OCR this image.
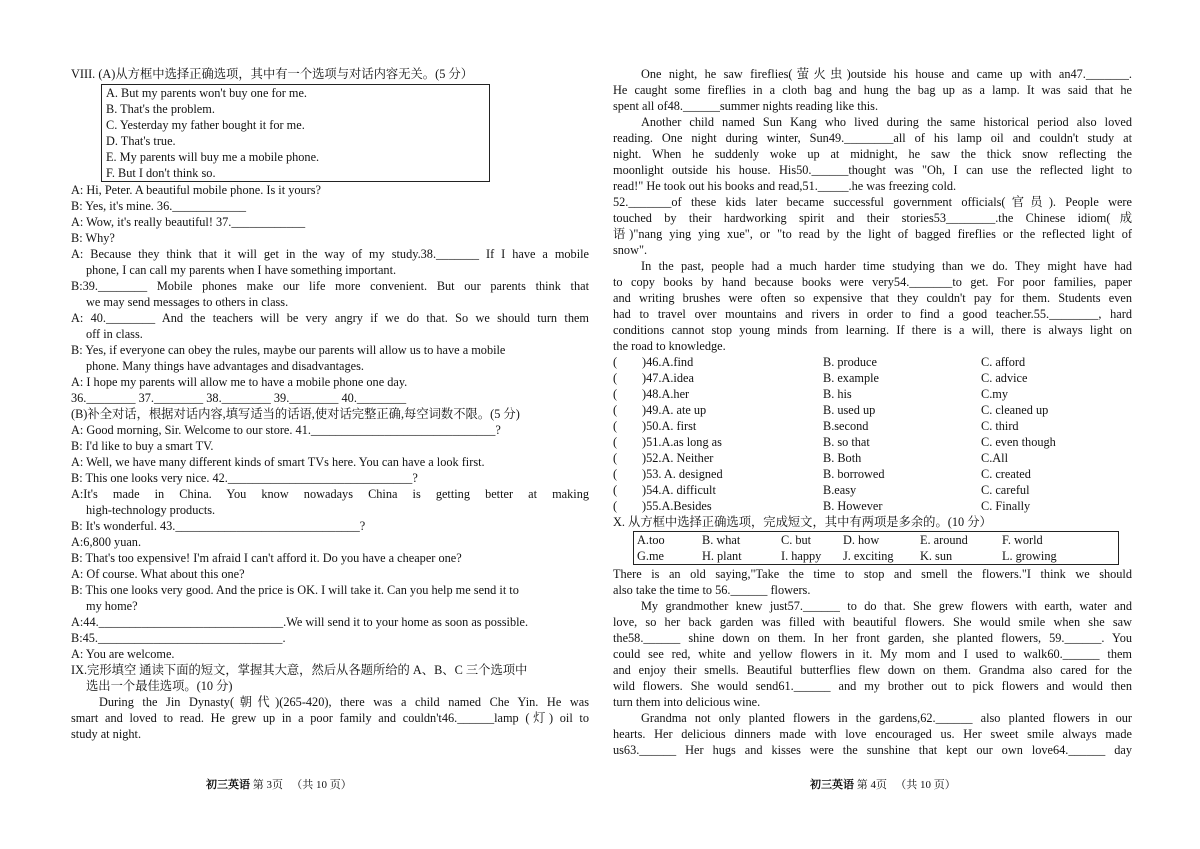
VIII. (A)从方框中选择正确选项，其中有一个选项与对话内容无关。(5 分）
A. But my parents won't buy one for me.
B. That's the problem.
C. Yesterday my father bought it for me.
D. That's true.
E. My parents will buy me a mobile phone.
F. But I don't think so.
A: Hi, Peter. A beautiful mobile phone. Is it yours?
B: Yes, it's mine. 36.____________
A: Wow, it's really beautiful! 37.____________
B: Why?
A: Because they think that it will get in the way of my study.38._______ If I have a mobile
phone, I can call my parents when I have something important.
B:39.________ Mobile phones make our life more convenient. But our parents think that
we may send messages to others in class.
A: 40.________ And the teachers will be very angry if we do that. So we should turn them
off in class.
B: Yes, if everyone can obey the rules, maybe our parents will allow us to have a mobile
phone. Many things have advantages and disadvantages.
A: I hope my parents will allow me to have a mobile phone one day.
36.________ 37.________ 38.________ 39.________ 40.________
(B)补全对话，根据对话内容,填写适当的话语,使对话完整正确,每空词数不限。(5 分)
A: Good morning, Sir. Welcome to our store. 41.______________________________?
B: I'd like to buy a smart TV.
A: Well, we have many different kinds of smart TVs here. You can have a look first.
B: This one looks very nice. 42.______________________________?
A:It's made in China. You know nowadays China is getting better at making
high-technology products.
B: It's wonderful. 43.______________________________?
A:6,800 yuan.
B: That's too expensive! I'm afraid I can't afford it. Do you have a cheaper one?
A: Of course. What about this one?
B: This one looks very good. And the price is OK. I will take it. Can you help me send it to
my home?
A:44.______________________________.We will send it to your home as soon as possible.
B:45.______________________________.
A: You are welcome.
IX.完形填空 通读下面的短文，掌握其大意，然后从各题所给的 A、B、C 三个选项中
选出一个最佳选项。(10 分)
During the Jin Dynasty(朝代)(265-420), there was a child named Che Yin. He was
smart and loved to read. He grew up in a poor family and couldn't46.______lamp (灯) oil to
study at night.
初三英语 第 3页 （共 10 页）
One night, he saw fireflies(萤火虫)outside his house and came up with an47._______.
He caught some fireflies in a cloth bag and hung the bag up as a lamp. It was said that he
spent all of48.______summer nights reading like this.
Another child named Sun Kang who lived during the same historical period also loved
reading. One night during winter, Sun49.________all of his lamp oil and couldn't study at
night. When he suddenly woke up at midnight, he saw the thick snow reflecting the
moonlight outside his house. His50.______thought was "Oh, I can use the reflected light to
read!" He took out his books and read,51._____.he was freezing cold.
52._______of these kids later became successful government officials(官员). People were
touched by their hardworking spirit and their stories53________.the Chinese idiom(成
语)"nang ying ying xue", or "to read by the light of bagged fireflies or the reflected light of
snow".
In the past, people had a much harder time studying than we do. They might have had
to copy books by hand because books were very54._______to get. For poor families, paper
and writing brushes were often so expensive that they couldn't pay for them. Students even
had to travel over mountains and rivers in order to find a good teacher.55.________, hard
conditions cannot stop young minds from learning. If there is a will, there is always light on
the road to knowledge.
( )46.A.find	B. produce	C. afford
( )47.A.idea	B. example	C. advice
( )48.A.her	B. his	C.my
( )49.A. ate up	B. used up	C. cleaned up
( )50.A. first	B.second	C. third
( )51.A.as long as	B. so that	C. even though
( )52.A. Neither	B. Both	C.All
( )53. A. designed	B. borrowed	C. created
( )54.A. difficult	B.easy	C. careful
( )55.A.Besides	B. However	C. Finally
X. 从方框中选择正确选项，完成短文，其中有两项是多余的。(10 分）
A.too	B. what	C. but	D. how	E. around	F. world
G.me	H. plant	I. happy J. exciting K. sun	L. growing
There is an old saying,"Take the time to stop and smell the flowers."I think we should
also take the time to 56.______ flowers.
My grandmother knew just57.______ to do that. She grew flowers with earth, water and
love, so her back garden was filled with beautiful flowers. She would smile when she saw
the58.______ shine down on them. In her front garden, she planted flowers, 59.______. You
could see red, white and yellow flowers in it. My mom and I used to walk60.______ them
and enjoy their smells. Beautiful butterflies flew down on them. Grandma also cared for the
wild flowers. She would send61.______ and my brother out to pick flowers and would then
turn them into delicious wine.
Grandma not only planted flowers in the gardens,62.______ also planted flowers in our
hearts. Her delicious dinners made with love encouraged us. Her sweet smile always made
us63.______ Her hugs and kisses were the sunshine that kept our own love64.______ day
初三英语 第 4页 （共 10 页）
